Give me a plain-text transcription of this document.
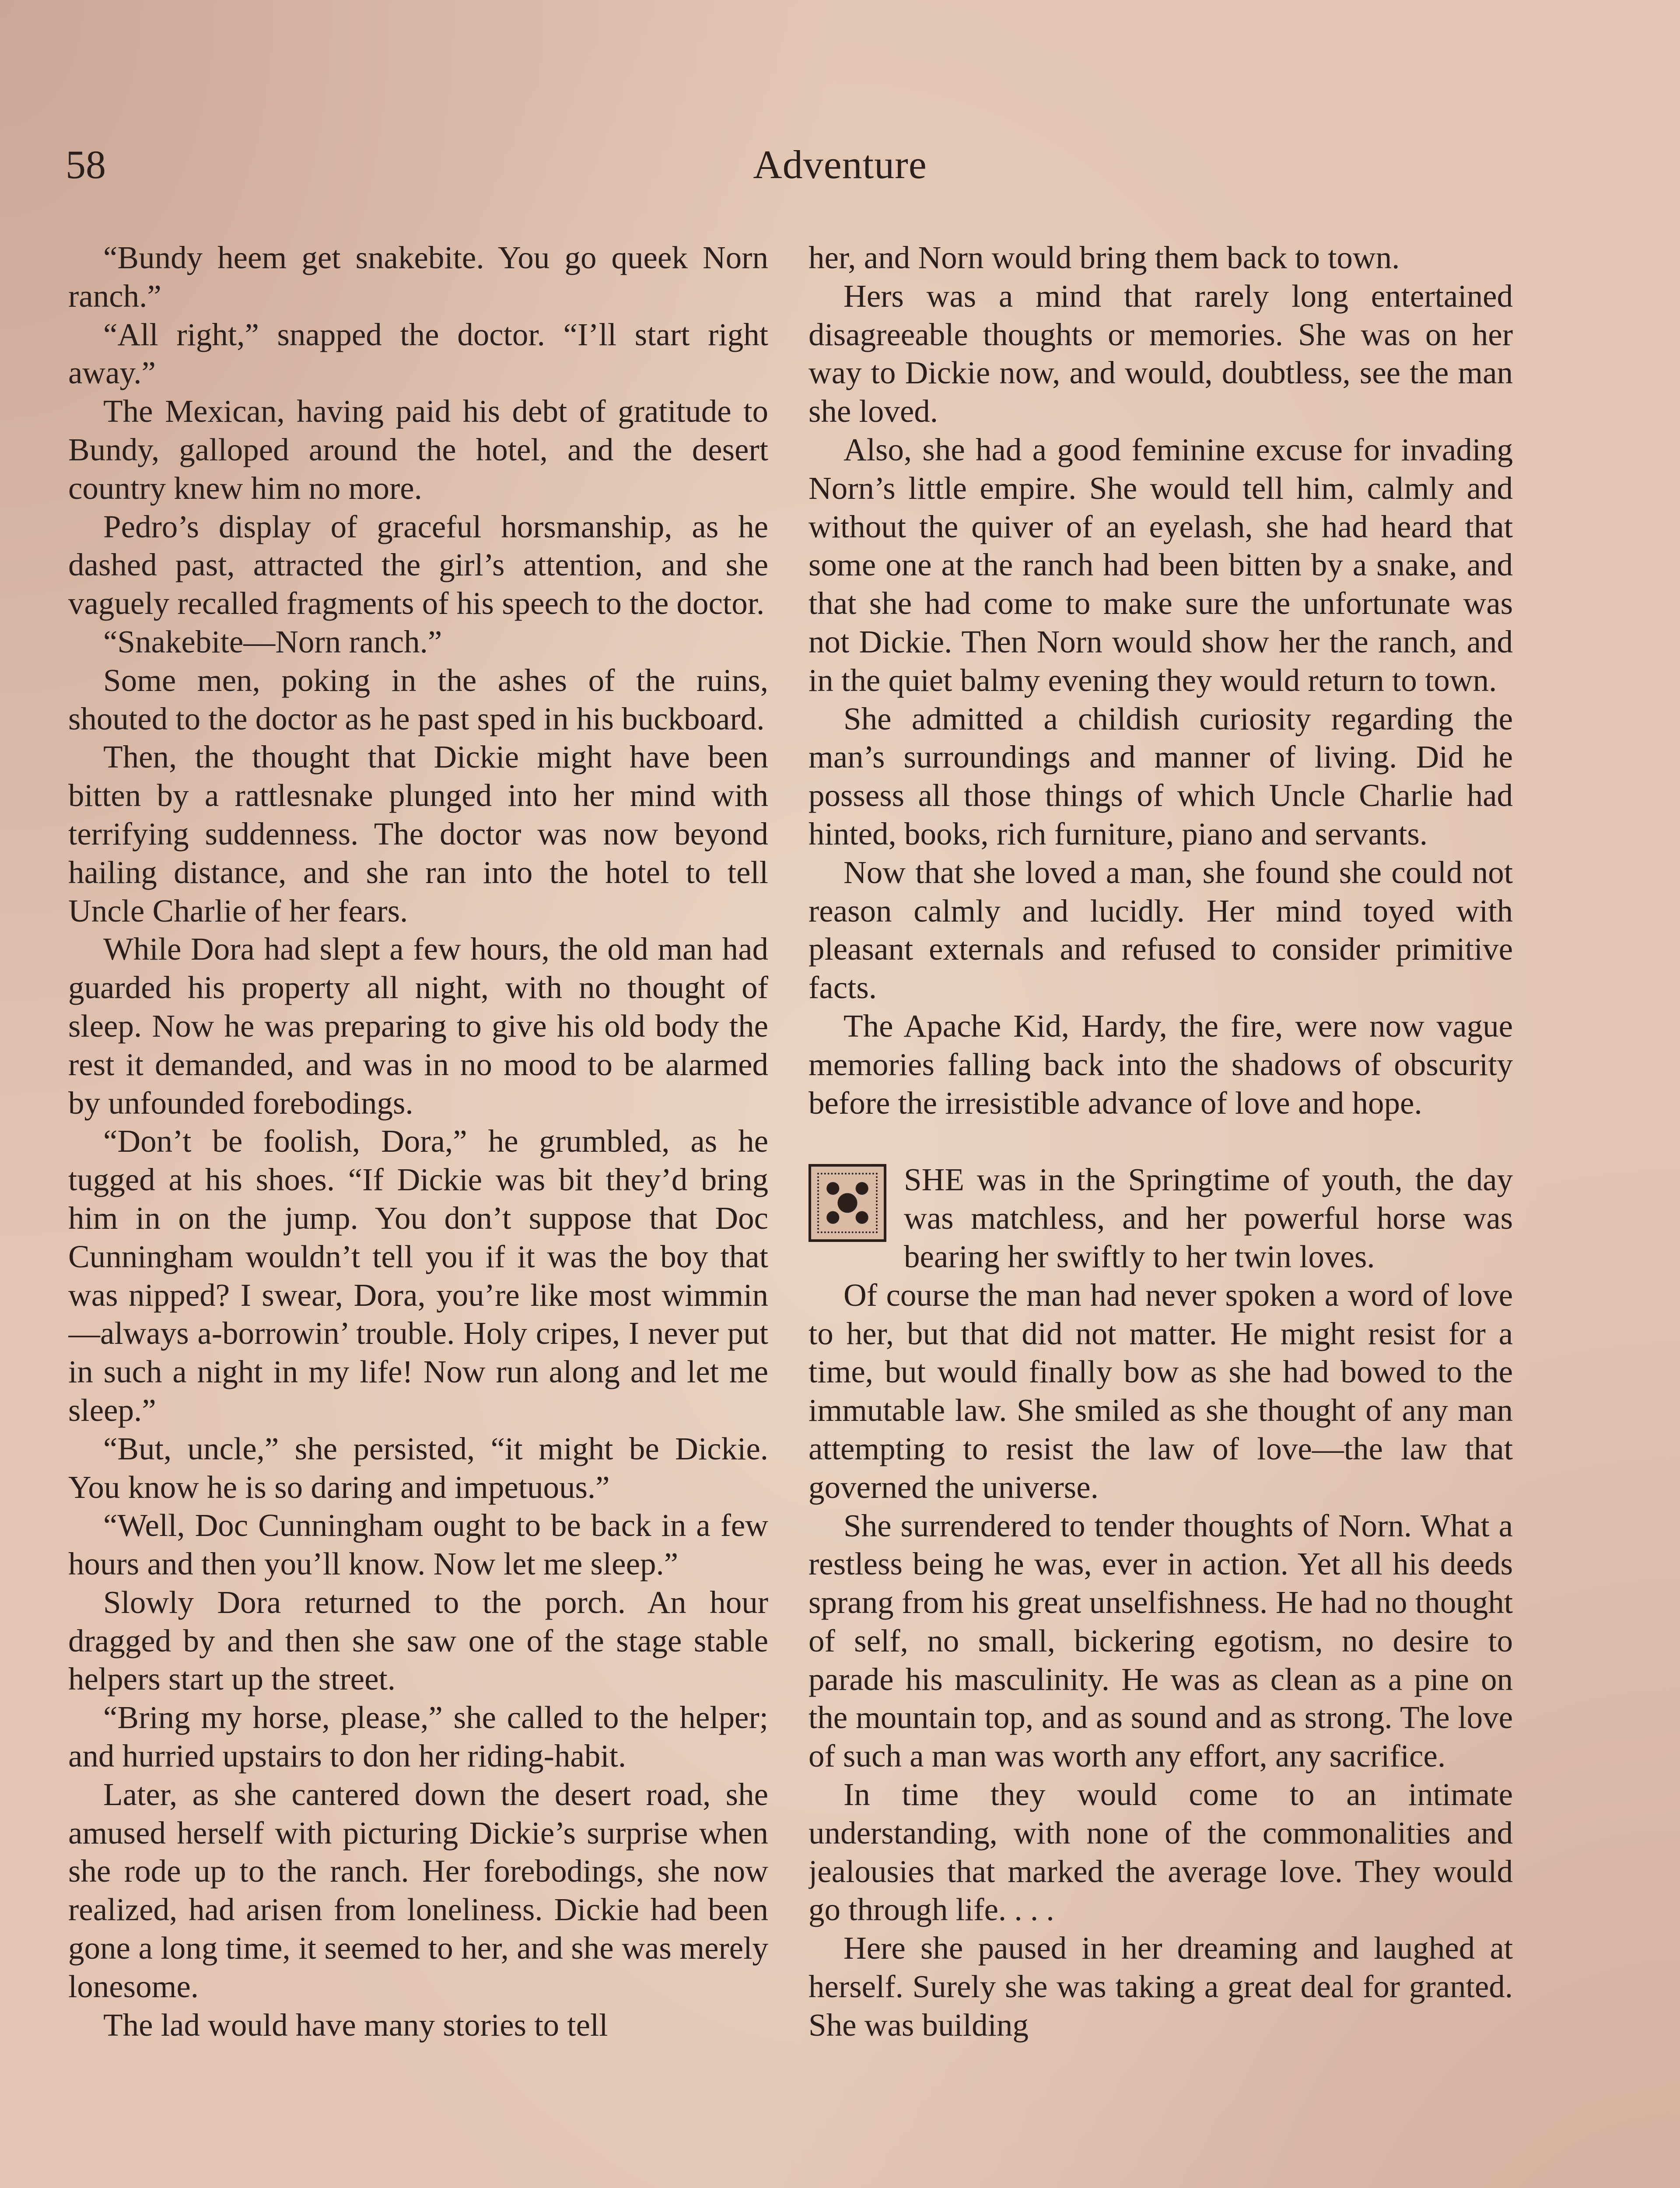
58	Adventure

“Bundy heem get snakebite. You go queek Norn ranch.”

“All right,” snapped the doctor. “I’ll start right away.”

The Mexican, having paid his debt of gratitude to Bundy, galloped around the hotel, and the desert country knew him no more.

Pedro’s display of graceful horsmanship, as he dashed past, attracted the girl’s attention, and she vaguely recalled fragments of his speech to the doctor.

“Snakebite—Norn ranch.”

Some men, poking in the ashes of the ruins, shouted to the doctor as he past sped in his buckboard.

Then, the thought that Dickie might have been bitten by a rattlesnake plunged into her mind with terrifying suddenness. The doctor was now beyond hailing distance, and she ran into the hotel to tell Uncle Charlie of her fears.

While Dora had slept a few hours, the old man had guarded his property all night, with no thought of sleep. Now he was preparing to give his old body the rest it demanded, and was in no mood to be alarmed by unfounded forebodings.

“Don’t be foolish, Dora,” he grumbled, as he tugged at his shoes. “If Dickie was bit they’d bring him in on the jump. You don’t suppose that Doc Cunningham wouldn’t tell you if it was the boy that was nipped? I swear, Dora, you’re like most wimmin—always a-borrowin’ trouble. Holy cripes, I never put in such a night in my life! Now run along and let me sleep.”

“But, uncle,” she persisted, “it might be Dickie. You know he is so daring and impetuous.”

“Well, Doc Cunningham ought to be back in a few hours and then you’ll know. Now let me sleep.”

Slowly Dora returned to the porch. An hour dragged by and then she saw one of the stage stable helpers start up the street.

“Bring my horse, please,” she called to the helper; and hurried upstairs to don her riding-habit.

Later, as she cantered down the desert road, she amused herself with picturing Dickie’s surprise when she rode up to the ranch. Her forebodings, she now realized, had arisen from loneliness. Dickie had been gone a long time, it seemed to her, and she was merely lonesome.

The lad would have many stories to tell

her, and Norn would bring them back to town.

Hers was a mind that rarely long entertained disagreeable thoughts or memories. She was on her way to Dickie now, and would, doubtless, see the man she loved.

Also, she had a good feminine excuse for invading Norn’s little empire. She would tell him, calmly and without the quiver of an eyelash, she had heard that some one at the ranch had been bitten by a snake, and that she had come to make sure the unfortunate was not Dickie. Then Norn would show her the ranch, and in the quiet balmy evening they would return to town.

She admitted a childish curiosity regarding the man’s surroundings and manner of living. Did he possess all those things of which Uncle Charlie had hinted, books, rich furniture, piano and servants.

Now that she loved a man, she found she could not reason calmly and lucidly. Her mind toyed with pleasant externals and refused to consider primitive facts.

The Apache Kid, Hardy, the fire, were now vague memories falling back into the shadows of obscurity before the irresistible advance of love and hope.

SHE was in the Springtime of youth, the day was matchless, and her powerful horse was bearing her swiftly to her twin loves.

Of course the man had never spoken a word of love to her, but that did not matter. He might resist for a time, but would finally bow as she had bowed to the immutable law. She smiled as she thought of any man attempting to resist the law of love—the law that governed the universe.

She surrendered to tender thoughts of Norn. What a restless being he was, ever in action. Yet all his deeds sprang from his great unselfishness. He had no thought of self, no small, bickering egotism, no desire to parade his masculinity. He was as clean as a pine on the mountain top, and as sound and as strong. The love of such a man was worth any effort, any sacrifice.

In time they would come to an intimate understanding, with none of the commonalities and jealousies that marked the average love. They would go through life. . . .

Here she paused in her dreaming and laughed at herself. Surely she was taking a great deal for granted. She was building
